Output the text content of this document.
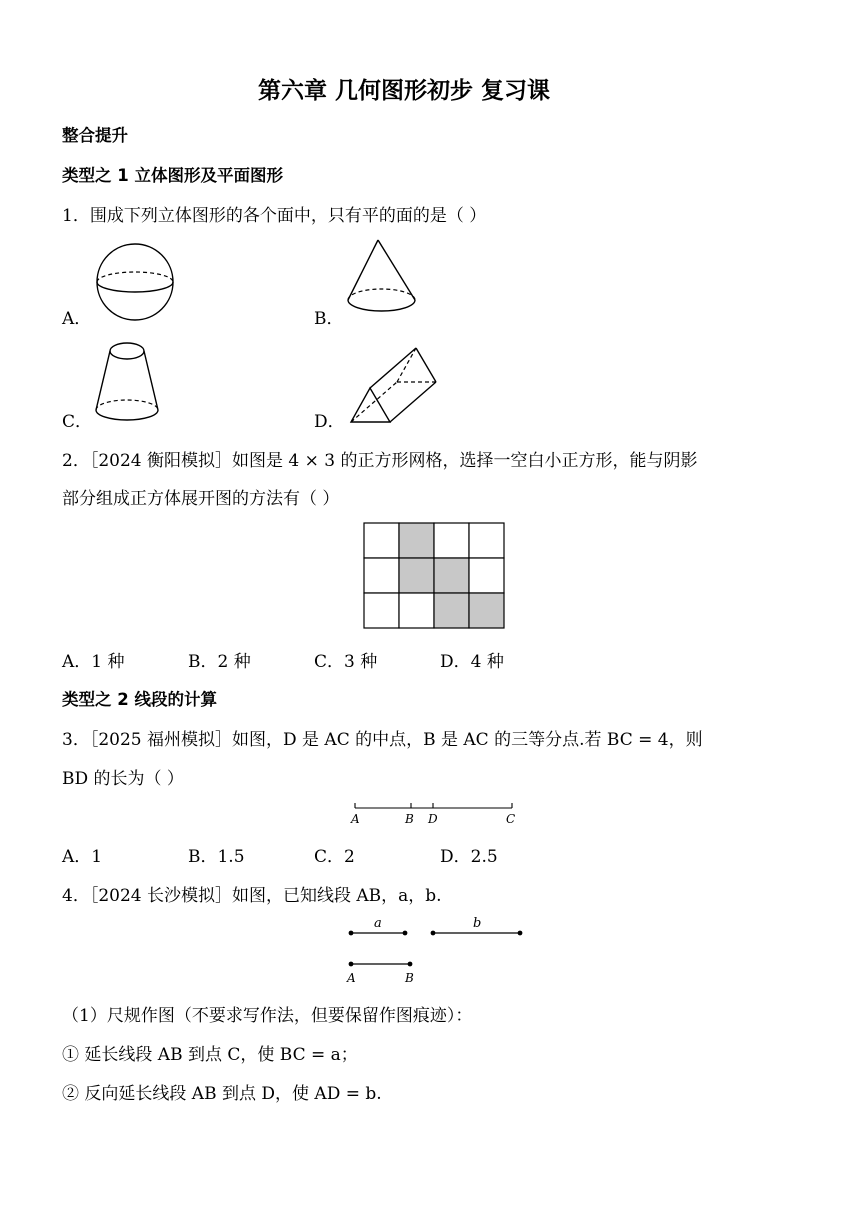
第六章 几何图形初步 复习课
整合提升
类型之 1 立体图形及平面图形
1．围成下列立体图形的各个面中，只有平的面的是（ ）
A．	B．
C．	D．
2．［2024 衡阳模拟］如图是 4 × 3 的正方形网格，选择一空白小正方形，能与阴影
部分组成正方体展开图的方法有（ ）
A．1 种	B．2 种	C．3 种	D．4 种
类型之 2 线段的计算
3．［2025 福州模拟］如图，D 是 AC 的中点，B 是 AC 的三等分点.若 BC = 4，则
BD 的长为（ ）
A	B D	C
A．1	B．1.5	C．2	D．2.5
4．［2024 长沙模拟］如图，已知线段 AB，a，b.
a	b
A	B
（1）尺规作图（不要求写作法，但要保留作图痕迹）：
① 延长线段 AB 到点 C，使 BC = a；
② 反向延长线段 AB 到点 D，使 AD = b.
